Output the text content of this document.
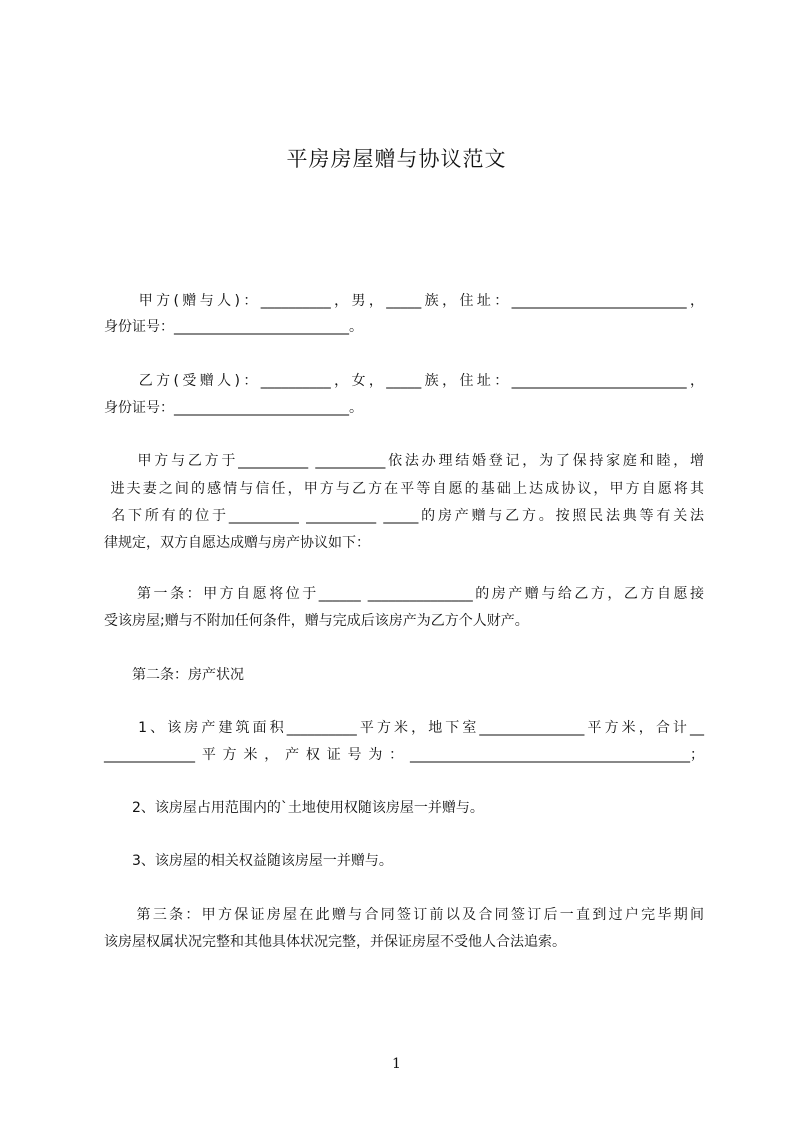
平房房屋赠与协议范文
　　甲方(赠与人)：__________，男，_____族，住址：_________________________，
身份证号：_________________________。
　　乙方(受赠人)：__________，女，_____族，住址：_________________________，
身份证号：_________________________。
　　甲方与乙方于__________ __________依法办理结婚登记，为了保持家庭和睦，增
进夫妻之间的感情与信任，甲方与乙方在平等自愿的基础上达成协议，甲方自愿将其
名下所有的位于__________ __________ _____的房产赠与乙方。按照民法典等有关法
律规定，双方自愿达成赠与房产协议如下：
　　第一条：甲方自愿将位于______ _______________的房产赠与给乙方，乙方自愿接
受该房屋;赠与不附加任何条件，赠与完成后该房产为乙方个人财产。
　　第二条：房产状况
　　1、该房产建筑面积__________平方米，地下室_______________平方米，合计__
_____________平方米，产权证号为：________________________________________；
　　2、该房屋占用范围内的`土地使用权随该房屋一并赠与。
　　3、该房屋的相关权益随该房屋一并赠与。
　　第三条：甲方保证房屋在此赠与合同签订前以及合同签订后一直到过户完毕期间
该房屋权属状况完整和其他具体状况完整，并保证房屋不受他人合法追索。
1
